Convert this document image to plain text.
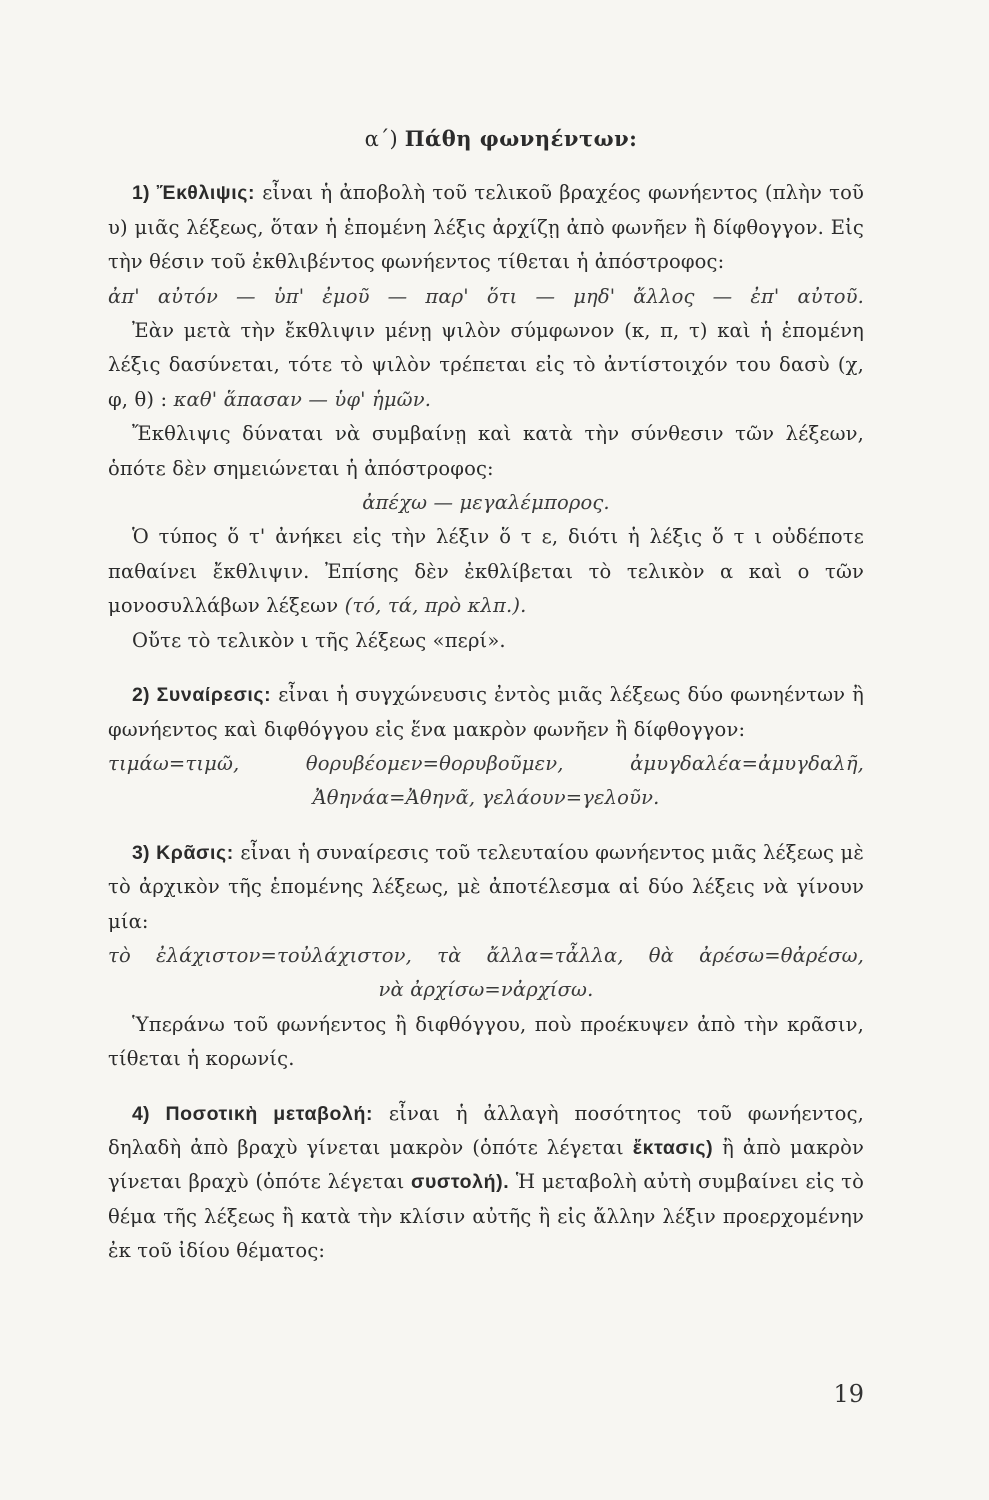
α΄) Πάθη φωνηέντων:

1) Ἔκθλιψις: εἶναι ἡ ἀποβολὴ τοῦ τελικοῦ βραχέος φωνήεντος (πλὴν τοῦ υ) μιᾶς λέξεως, ὅταν ἡ ἑπομένη λέξις ἀρχίζῃ ἀπὸ φωνῆεν ἢ δίφθογγον. Εἰς τὴν θέσιν τοῦ ἐκθλιβέντος φωνήεντος τίθεται ἡ ἀπόστροφος:

ἀπ' αὐτόν — ὑπ' ἐμοῦ — παρ' ὅτι — μηδ' ἄλλος — ἐπ' αὐτοῦ.

Ἐὰν μετὰ τὴν ἔκθλιψιν μένῃ ψιλὸν σύμφωνον (κ, π, τ) καὶ ἡ ἑπομένη λέξις δασύνεται, τότε τὸ ψιλὸν τρέπεται εἰς τὸ ἀντίστοιχόν του δασὺ (χ, φ, θ) : καθ' ἅπασαν — ὑφ' ἡμῶν.

Ἔκθλιψις δύναται νὰ συμβαίνῃ καὶ κατὰ τὴν σύνθεσιν τῶν λέξεων, ὁπότε δὲν σημειώνεται ἡ ἀπόστροφος:

ἀπέχω — μεγαλέμπορος.

Ὁ τύπος ὅ τ' ἀνήκει εἰς τὴν λέξιν ὅ τ ε, διότι ἡ λέξις ὅ τ ι οὐδέποτε παθαίνει ἔκθλιψιν. Ἐπίσης δὲν ἐκθλίβεται τὸ τελικὸν α καὶ ο τῶν μονοσυλλάβων λέξεων (τό, τά, πρὸ κλπ.).

Οὔτε τὸ τελικὸν ι τῆς λέξεως «περί».

2) Συναίρεσις: εἶναι ἡ συγχώνευσις ἐντὸς μιᾶς λέξεως δύο φωνηέντων ἢ φωνήεντος καὶ διφθόγγου εἰς ἕνα μακρὸν φωνῆεν ἢ δίφθογγον:

τιμάω=τιμῶ, θορυβέομεν=θορυβοῦμεν, ἀμυγδαλέα=ἀμυγδαλῆ,

Ἀθηνάα=Ἀθηνᾶ, γελάουν=γελοῦν.

3) Κρᾶσις: εἶναι ἡ συναίρεσις τοῦ τελευταίου φωνήεντος μιᾶς λέξεως μὲ τὸ ἀρχικὸν τῆς ἑπομένης λέξεως, μὲ ἀποτέλεσμα αἱ δύο λέξεις νὰ γίνουν μία:

τὸ ἐλάχιστον=τοὐλάχιστον, τὰ ἄλλα=τἆλλα, θὰ ἀρέσω=θἀρέσω,

νὰ ἀρχίσω=νἀρχίσω.

Ὑπεράνω τοῦ φωνήεντος ἢ διφθόγγου, ποὺ προέκυψεν ἀπὸ τὴν κρᾶσιν, τίθεται ἡ κορωνίς.

4) Ποσοτικὴ μεταβολή: εἶναι ἡ ἀλλαγὴ ποσότητος τοῦ φωνήεντος, δηλαδὴ ἀπὸ βραχὺ γίνεται μακρὸν (ὁπότε λέγεται ἔκτασις) ἢ ἀπὸ μακρὸν γίνεται βραχὺ (ὁπότε λέγεται συστολή). Ἡ μεταβολὴ αὐτὴ συμβαίνει εἰς τὸ θέμα τῆς λέξεως ἢ κατὰ τὴν κλίσιν αὐτῆς ἢ εἰς ἄλλην λέξιν προερχομένην ἐκ τοῦ ἰδίου θέματος:

19
